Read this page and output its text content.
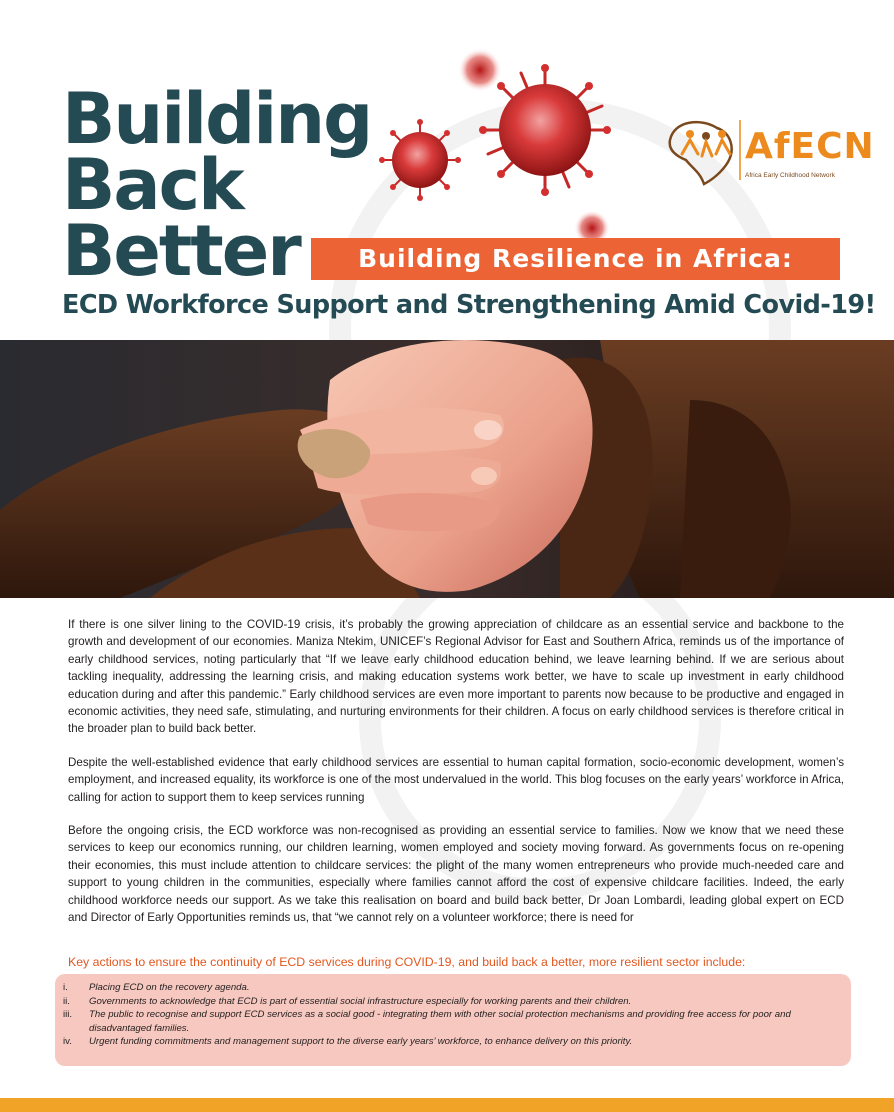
Building
Back
Better
AfECN
Africa Early Childhood Network
Building Resilience in Africa:
ECD Workforce Support and Strengthening Amid Covid-19!

If there is one silver lining to the COVID-19 crisis, it’s probably the growing appreciation of childcare as an essential service and backbone to the growth and development of our economies. Maniza Ntekim, UNICEF’s Regional Advisor for East and Southern Africa, reminds us of the importance of early childhood services, noting particularly that “If we leave early childhood education behind, we leave learning behind. If we are serious about tackling inequality, addressing the learning crisis, and making education systems work better, we have to scale up investment in early childhood education during and after this pandemic.” Early childhood services are even more important to parents now because to be productive and engaged in economic activities, they need safe, stimulating, and nurturing environments for their children. A focus on early childhood services is therefore critical in the broader plan to build back better.

Despite the well-established evidence that early childhood services are essential to human capital formation, socio-economic development, women’s employment, and increased equality, its workforce is one of the most undervalued in the world. This blog focuses on the early years’ workforce in Africa, calling for action to support them to keep services running

Before the ongoing crisis, the ECD workforce was non-recognised as providing an essential service to families. Now we know that we need these services to keep our economics running, our children learning, women employed and society moving forward. As governments focus on re-opening their economies, this must include attention to childcare services: the plight of the many women entrepreneurs who provide much-needed care and support to young children in the communities, especially where families cannot afford the cost of expensive childcare facilities. Indeed, the early childhood workforce needs our support. As we take this realisation on board and build back better, Dr Joan Lombardi, leading global expert on ECD and Director of Early Opportunities reminds us, that “we cannot rely on a volunteer workforce; there is need for

Key actions to ensure the continuity of ECD services during COVID-19, and build back a better, more resilient sector include:
i.	Placing ECD on the recovery agenda.
ii.	Governments to acknowledge that ECD is part of essential social infrastructure especially for working parents and their children.
iii.	The public to recognise and support ECD services as a social good - integrating them with other social protection mechanisms and providing free access for poor and disadvantaged families.
iv.	Urgent funding commitments and management support to the diverse early years’ workforce, to enhance delivery on this priority.
